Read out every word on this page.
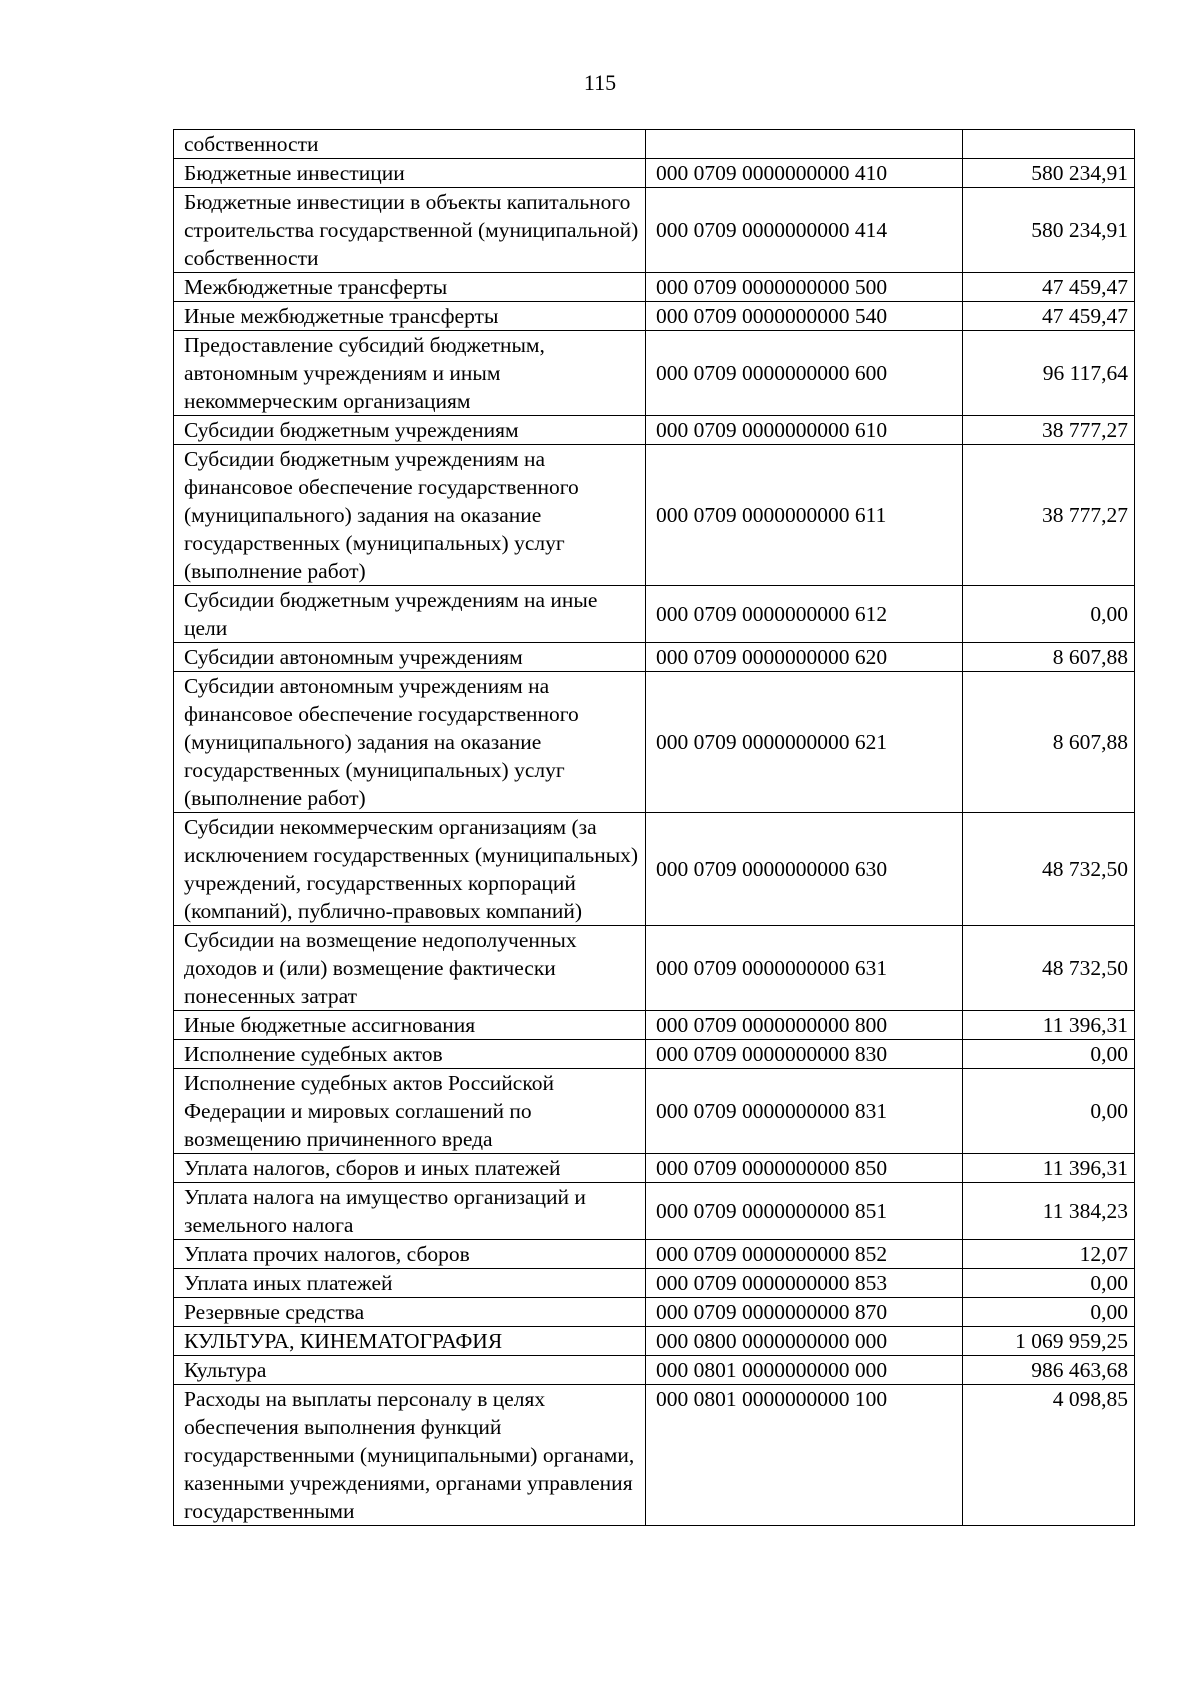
115
собственности		
Бюджетные инвестиции	000 0709 0000000000 410	580 234,91
Бюджетные инвестиции в объекты капитального строительства государственной (муниципальной) собственности	000 0709 0000000000 414	580 234,91
Межбюджетные трансферты	000 0709 0000000000 500	47 459,47
Иные межбюджетные трансферты	000 0709 0000000000 540	47 459,47
Предоставление субсидий бюджетным, автономным учреждениям и иным некоммерческим организациям	000 0709 0000000000 600	96 117,64
Субсидии бюджетным учреждениям	000 0709 0000000000 610	38 777,27
Субсидии бюджетным учреждениям на финансовое обеспечение государственного (муниципального) задания на оказание государственных (муниципальных) услуг (выполнение работ)	000 0709 0000000000 611	38 777,27
Субсидии бюджетным учреждениям на иные цели	000 0709 0000000000 612	0,00
Субсидии автономным учреждениям	000 0709 0000000000 620	8 607,88
Субсидии автономным учреждениям на финансовое обеспечение государственного (муниципального) задания на оказание государственных (муниципальных) услуг (выполнение работ)	000 0709 0000000000 621	8 607,88
Субсидии некоммерческим организациям (за исключением государственных (муниципальных) учреждений, государственных корпораций (компаний), публично-правовых компаний)	000 0709 0000000000 630	48 732,50
Субсидии на возмещение недополученных доходов и (или) возмещение фактически понесенных затрат	000 0709 0000000000 631	48 732,50
Иные бюджетные ассигнования	000 0709 0000000000 800	11 396,31
Исполнение судебных актов	000 0709 0000000000 830	0,00
Исполнение судебных актов Российской Федерации и мировых соглашений по возмещению причиненного вреда	000 0709 0000000000 831	0,00
Уплата налогов, сборов и иных платежей	000 0709 0000000000 850	11 396,31
Уплата налога на имущество организаций и земельного налога	000 0709 0000000000 851	11 384,23
Уплата прочих налогов, сборов	000 0709 0000000000 852	12,07
Уплата иных платежей	000 0709 0000000000 853	0,00
Резервные средства	000 0709 0000000000 870	0,00
КУЛЬТУРА, КИНЕМАТОГРАФИЯ	000 0800 0000000000 000	1 069 959,25
Культура	000 0801 0000000000 000	986 463,68
Расходы на выплаты персоналу в целях обеспечения выполнения функций государственными (муниципальными) органами, казенными учреждениями, органами управления государственными	000 0801 0000000000 100	4 098,85
